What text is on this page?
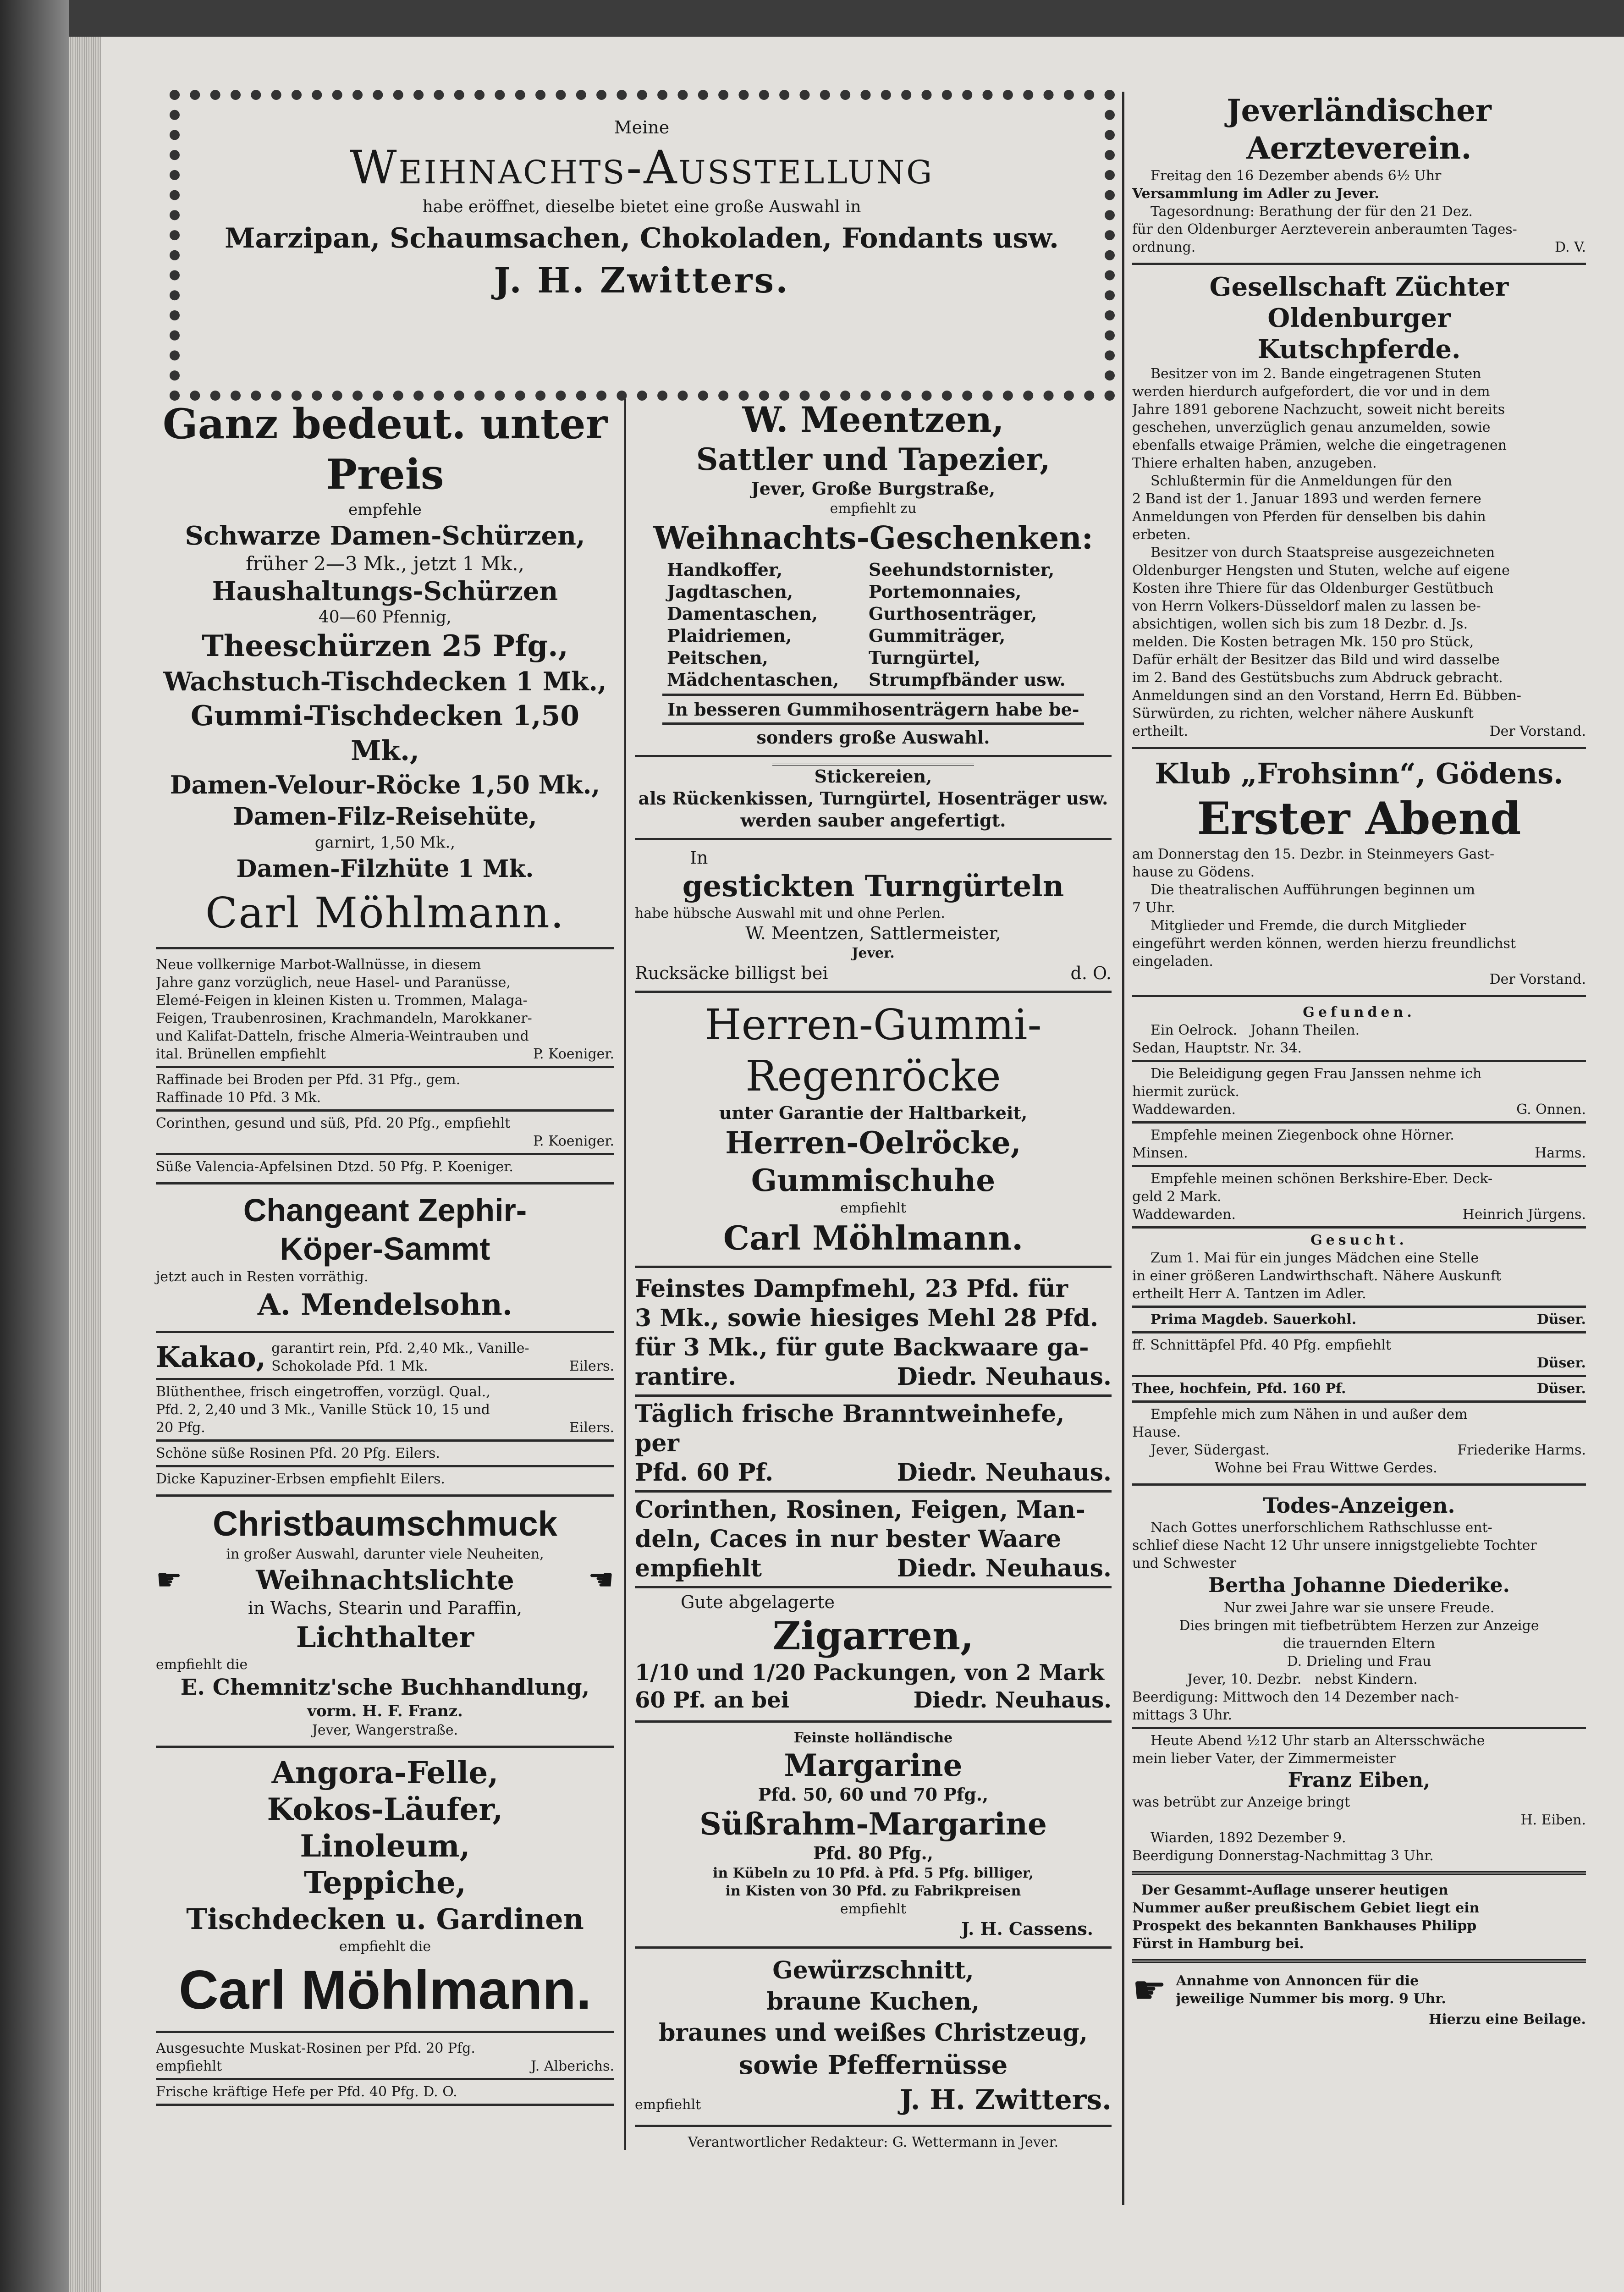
Meine
Weihnachts-Ausstellung
habe eröffnet, dieselbe bietet eine große Auswahl in
Marzipan, Schaumsachen, Chokoladen, Fondants usw.
J. H. Zwitters.
Ganz bedeut. unter Preis
empfehle
Schwarze Damen-Schürzen,
früher 2—3 Mk., jetzt 1 Mk.,
Haushaltungs-Schürzen
40—60 Pfennig,
Theeschürzen 25 Pfg.,
Wachstuch-Tischdecken 1 Mk.,
Gummi-Tischdecken 1,50 Mk.,
Damen-Velour-Röcke 1,50 Mk.,
Damen-Filz-Reisehüte,
garnirt, 1,50 Mk.,
Damen-Filzhüte 1 Mk.
Carl Möhlmann.
Neue vollkernige Marbot-Wallnüsse, in diesem
Jahre ganz vorzüglich, neue Hasel- und Paranüsse,
Elemé-Feigen in kleinen Kisten u. Trommen, Malaga-
Feigen, Traubenrosinen, Krachmandeln, Marokkaner-
und Kalifat-Datteln, frische Almeria-Weintrauben und
ital. Brünellen empfiehlt	P. Koeniger.
Raffinade bei Broden per Pfd. 31 Pfg., gem.
Raffinade 10 Pfd. 3 Mk.
Corinthen, gesund und süß, Pfd. 20 Pfg., empfiehlt
P. Koeniger.
Süße Valencia-Apfelsinen Dtzd. 50 Pfg. P. Koeniger.
Changeant Zephir-
Köper-Sammt
jetzt auch in Resten vorräthig.
A. Mendelsohn.
Kakao, garantirt rein, Pfd. 2,40 Mk., Vanille-
Schokolade Pfd. 1 Mk.	Eilers.
Blüthenthee, frisch eingetroffen, vorzügl. Qual.,
Pfd. 2, 2,40 und 3 Mk., Vanille Stück 10, 15 und
20 Pfg.	Eilers.
Schöne süße Rosinen Pfd. 20 Pfg. Eilers.
Dicke Kapuziner-Erbsen empfiehlt Eilers.
Christbaumschmuck
in großer Auswahl, darunter viele Neuheiten,
☛	Weihnachtslichte	☚
in Wachs, Stearin und Paraffin,
Lichthalter
empfiehlt die
E. Chemnitz'sche Buchhandlung,
vorm. H. F. Franz.
Jever, Wangerstraße.
Angora-Felle,
Kokos-Läufer,
Linoleum,
Teppiche,
Tischdecken u. Gardinen
empfiehlt die
Carl Möhlmann.
Ausgesuchte Muskat-Rosinen per Pfd. 20 Pfg.
empfiehlt	J. Alberichs.
Frische kräftige Hefe per Pfd. 40 Pfg. D. O.
W. Meentzen,
Sattler und Tapezier,
Jever, Große Burgstraße,
empfiehlt zu
Weihnachts-Geschenken:
Handkoffer,
Jagdtaschen,
Damentaschen,
Plaidriemen,
Peitschen,
Mädchentaschen,
Seehundstornister,
Portemonnaies,
Gurthosenträger,
Gummiträger,
Turngürtel,
Strumpfbänder usw.
In besseren Gummihosenträgern habe be-
sonders große Auswahl.
Stickereien,
als Rückenkissen, Turngürtel, Hosenträger usw.
werden sauber angefertigt.
In
gestickten Turngürteln
habe hübsche Auswahl mit und ohne Perlen.
W. Meentzen, Sattlermeister,
Jever.
Rucksäcke billigst bei	d. O.
Herren-Gummi-
Regenröcke
unter Garantie der Haltbarkeit,
Herren-Oelröcke,
Gummischuhe
empfiehlt
Carl Möhlmann.
Feinstes Dampfmehl, 23 Pfd. für
3 Mk., sowie hiesiges Mehl 28 Pfd.
für 3 Mk., für gute Backwaare ga-
rantire.	Diedr. Neuhaus.
Täglich frische Branntweinhefe, per
Pfd. 60 Pf.	Diedr. Neuhaus.
Corinthen, Rosinen, Feigen, Man-
deln, Caces in nur bester Waare
empfiehlt	Diedr. Neuhaus.
Gute abgelagerte
Zigarren,
1/10 und 1/20 Packungen, von 2 Mark
60 Pf. an bei	Diedr. Neuhaus.
Feinste holländische
Margarine
Pfd. 50, 60 und 70 Pfg.,
Süßrahm-Margarine
Pfd. 80 Pfg.,
in Kübeln zu 10 Pfd. à Pfd. 5 Pfg. billiger,
in Kisten von 30 Pfd. zu Fabrikpreisen
empfiehlt
J. H. Cassens.
Gewürzschnitt,
braune Kuchen,
braunes und weißes Christzeug,
sowie Pfeffernüsse
empfiehlt	J. H. Zwitters.
Verantwortlicher Redakteur: G. Wettermann in Jever.
Jeverländischer Aerzteverein.
Freitag den 16 Dezember abends 6½ Uhr
Versammlung im Adler zu Jever.
Tagesordnung: Berathung der für den 21 Dez.
für den Oldenburger Aerzteverein anberaumten Tages-
ordnung.	D. V.
Gesellschaft Züchter Oldenburger
Kutschpferde.
Besitzer von im 2. Bande eingetragenen Stuten
werden hierdurch aufgefordert, die vor und in dem
Jahre 1891 geborene Nachzucht, soweit nicht bereits
geschehen, unverzüglich genau anzumelden, sowie
ebenfalls etwaige Prämien, welche die eingetragenen
Thiere erhalten haben, anzugeben.
Schlußtermin für die Anmeldungen für den
2 Band ist der 1. Januar 1893 und werden fernere
Anmeldungen von Pferden für denselben bis dahin
erbeten.
Besitzer von durch Staatspreise ausgezeichneten
Oldenburger Hengsten und Stuten, welche auf eigene
Kosten ihre Thiere für das Oldenburger Gestütbuch
von Herrn Volkers-Düsseldorf malen zu lassen be-
absichtigen, wollen sich bis zum 18 Dezbr. d. Js.
melden. Die Kosten betragen Mk. 150 pro Stück,
Dafür erhält der Besitzer das Bild und wird dasselbe
im 2. Band des Gestütsbuchs zum Abdruck gebracht.
Anmeldungen sind an den Vorstand, Herrn Ed. Bübben-
Sürwürden, zu richten, welcher nähere Auskunft
ertheilt.	Der Vorstand.
Klub „Frohsinn“, Gödens.
Erster Abend
am Donnerstag den 15. Dezbr. in Steinmeyers Gast-
hause zu Gödens.
Die theatralischen Aufführungen beginnen um
7 Uhr.
Mitglieder und Fremde, die durch Mitglieder
eingeführt werden können, werden hierzu freundlichst
eingeladen.
Der Vorstand.
Gefunden.
Ein Oelrock. Johann Theilen.
Sedan, Hauptstr. Nr. 34.
Die Beleidigung gegen Frau Janssen nehme ich
hiermit zurück.
Waddewarden.	G. Onnen.
Empfehle meinen Ziegenbock ohne Hörner.
Minsen.	Harms.
Empfehle meinen schönen Berkshire-Eber. Deck-
geld 2 Mark.
Waddewarden.	Heinrich Jürgens.
Gesucht.
Zum 1. Mai für ein junges Mädchen eine Stelle
in einer größeren Landwirthschaft. Nähere Auskunft
ertheilt Herr A. Tantzen im Adler.
Prima Magdeb. Sauerkohl.	Düser.
ff. Schnittäpfel Pfd. 40 Pfg. empfiehlt
Düser.
Thee, hochfein, Pfd. 160 Pf.	Düser.
Empfehle mich zum Nähen in und außer dem
Hause.
Jever, Südergast.	Friederike Harms.
Wohne bei Frau Wittwe Gerdes.
Todes-Anzeigen.
Nach Gottes unerforschlichem Rathschlusse ent-
schlief diese Nacht 12 Uhr unsere innigstgeliebte Tochter
und Schwester
Bertha Johanne Diederike.
Nur zwei Jahre war sie unsere Freude.
Dies bringen mit tiefbetrübtem Herzen zur Anzeige
die trauernden Eltern
D. Drieling und Frau
Jever, 10. Dezbr. nebst Kindern.
Beerdigung: Mittwoch den 14 Dezember nach-
mittags 3 Uhr.
Heute Abend ½12 Uhr starb an Altersschwäche
mein lieber Vater, der Zimmermeister
Franz Eiben,
was betrübt zur Anzeige bringt
H. Eiben.
Wiarden, 1892 Dezember 9.
Beerdigung Donnerstag-Nachmittag 3 Uhr.
Der Gesammt-Auflage unserer heutigen
Nummer außer preußischem Gebiet liegt ein
Prospekt des bekannten Bankhauses Philipp
Fürst in Hamburg bei.
☛ Annahme von Annoncen für die
jeweilige Nummer bis morg. 9 Uhr.
Hierzu eine Beilage.
